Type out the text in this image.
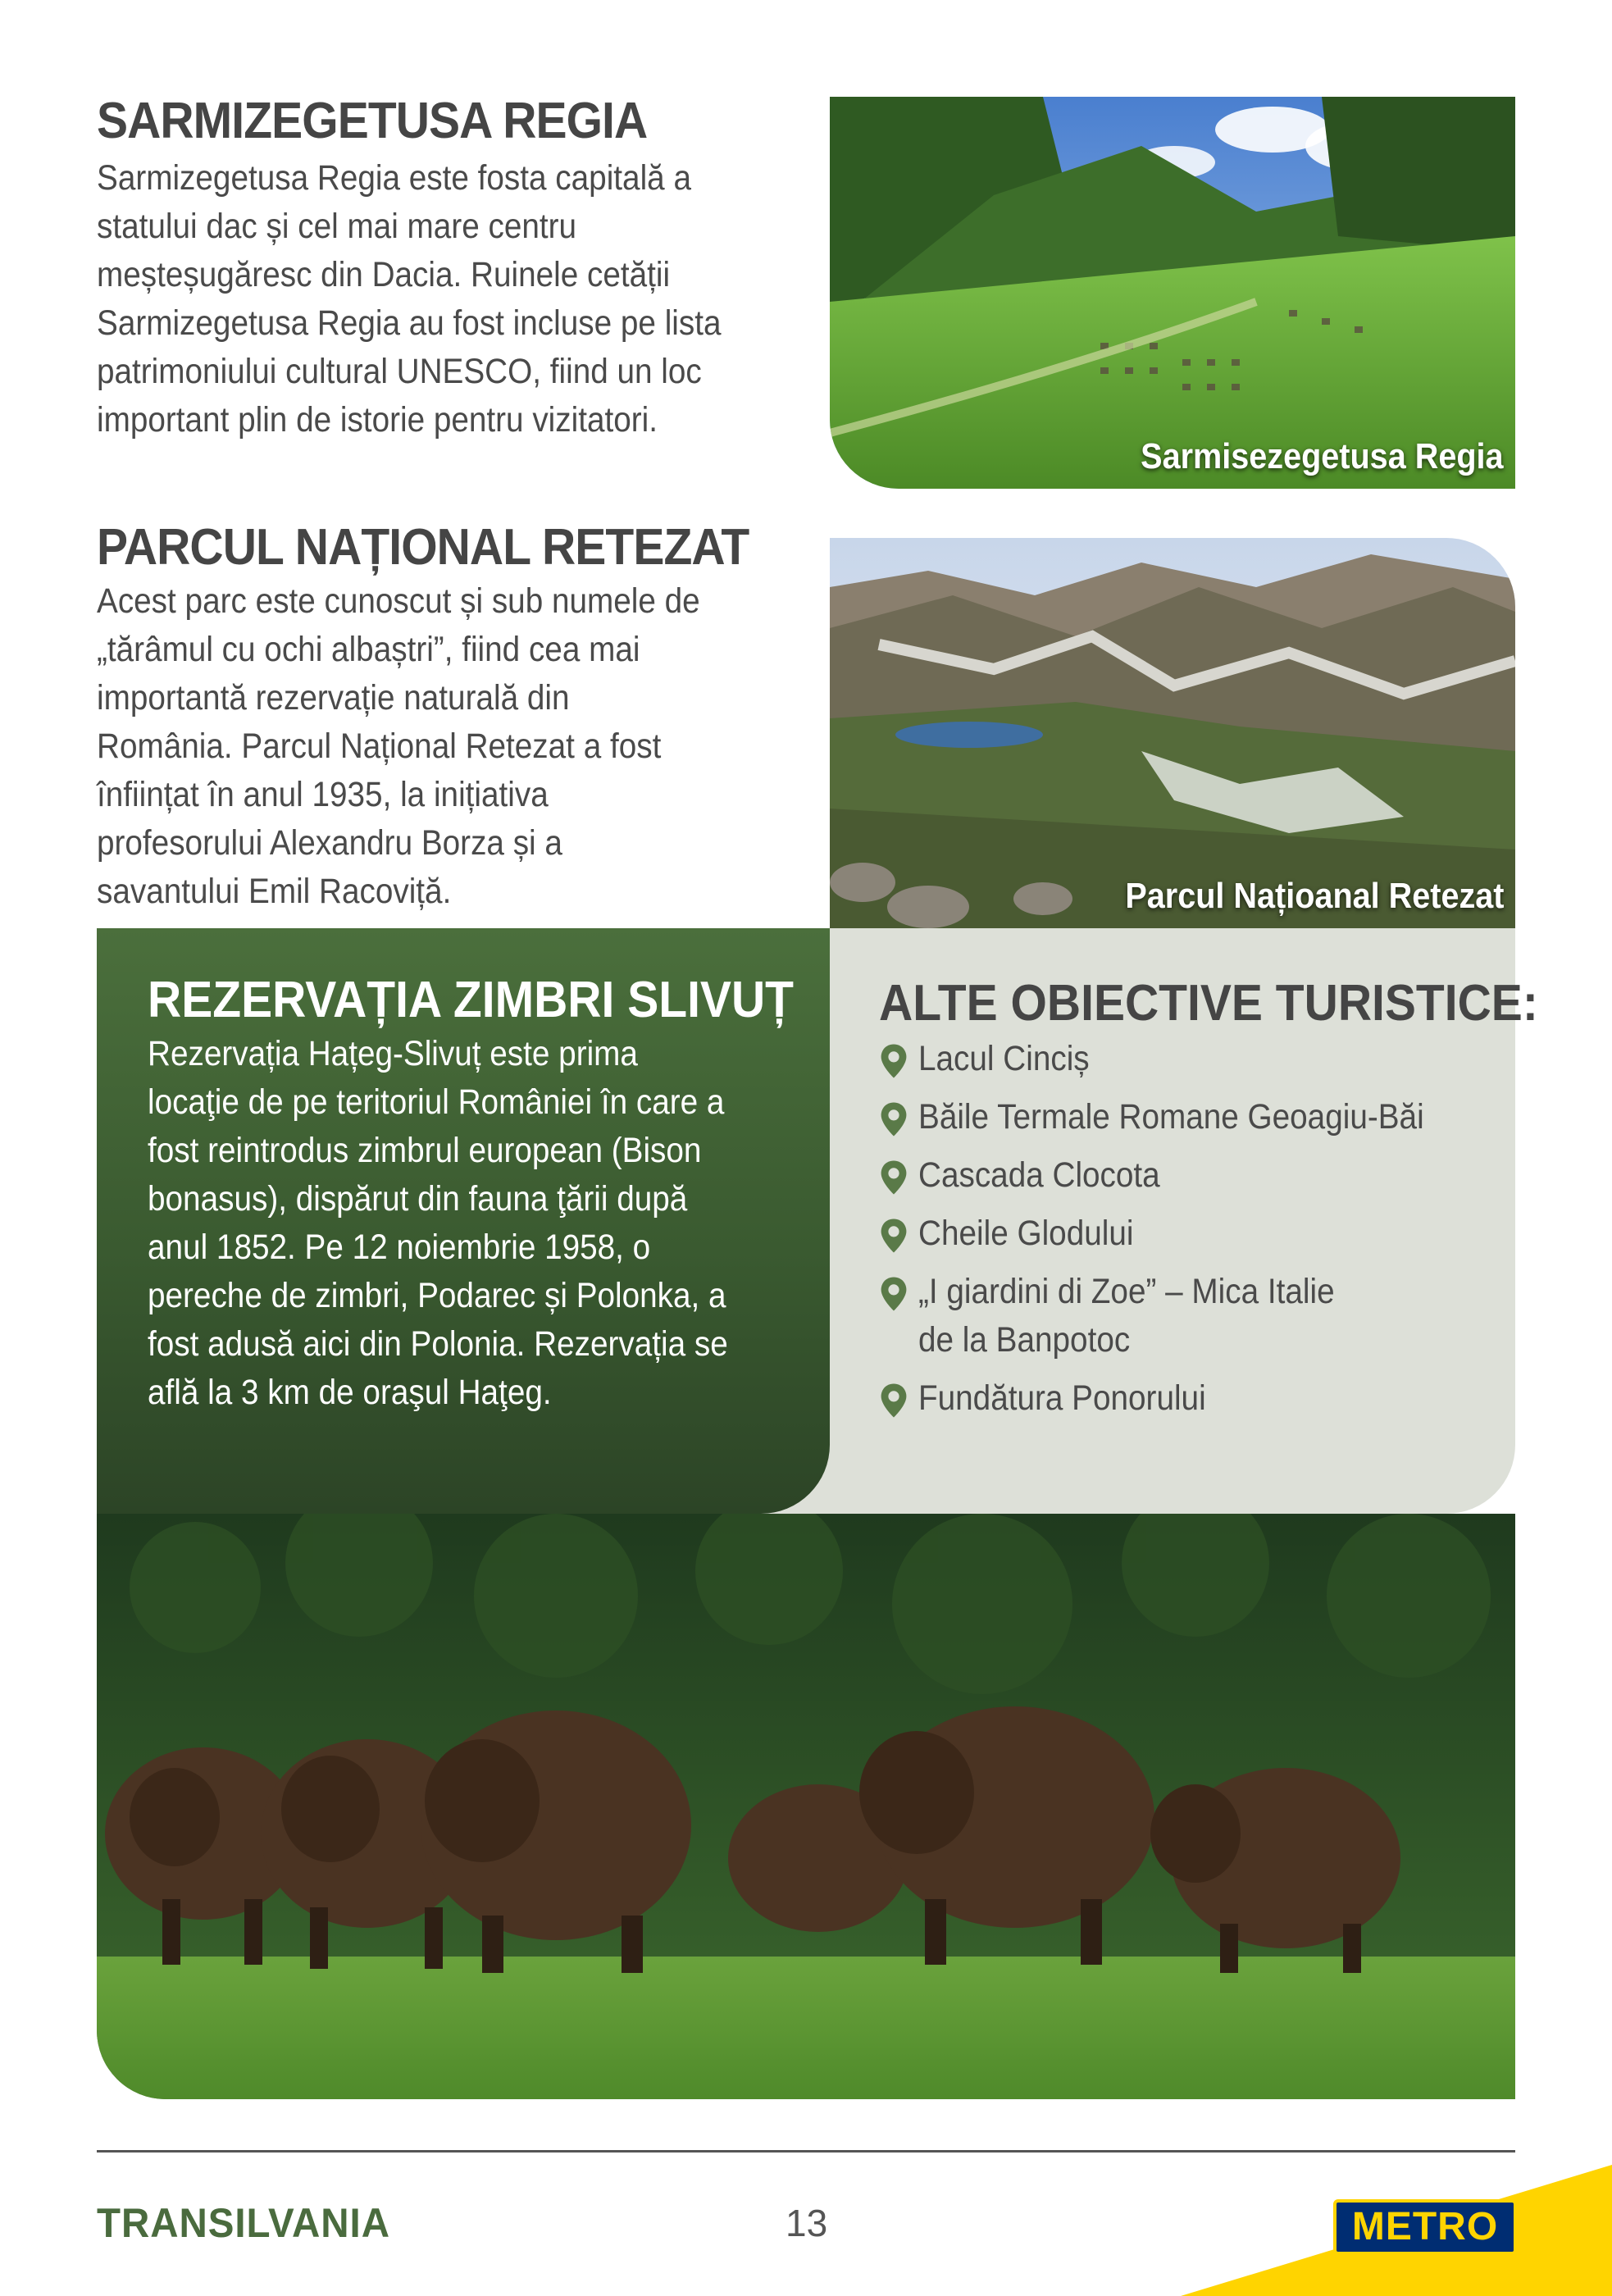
SARMIZEGETUSA REGIA
Sarmizegetusa Regia este fosta capitală a statului dac și cel mai mare centru meșteșugăresc din Dacia. Ruinele cetății Sarmizegetusa Regia au fost incluse pe lista patrimoniului cultural UNESCO, fiind un loc important plin de istorie pentru vizitatori.
Sarmisezegetusa Regia
PARCUL NAȚIONAL RETEZAT
Acest parc este cunoscut și sub numele de „tărâmul cu ochi albaștri”, fiind cea mai importantă rezervație naturală din România. Parcul Național Retezat a fost înființat în anul 1935, la inițiativa profesorului Alexandru Borza și a savantului Emil Racoviță.	Parcul Națioanal Retezat
ALTE OBIECTIVE TURISTICE:
Lacul Cinciș
Băile Termale Romane Geoagiu-Băi
Cascada Clocota
Cheile Glodului
„I giardini di Zoe” – Mica Italie de la Banpotoc
Fundătura Ponorului
REZERVAȚIA ZIMBRI SLIVUȚ
Rezervația Hațeg-Slivuț este prima locaţie de pe teritoriul României în care a fost reintrodus zimbrul european (Bison bonasus), dispărut din fauna ţării după anul 1852. Pe 12 noiembrie 1958, o pereche de zimbri, Podarec și Polonka, a fost adusă aici din Polonia. Rezervația se află la 3 km de oraşul Haţeg.
TRANSILVANIA	13	METRO
